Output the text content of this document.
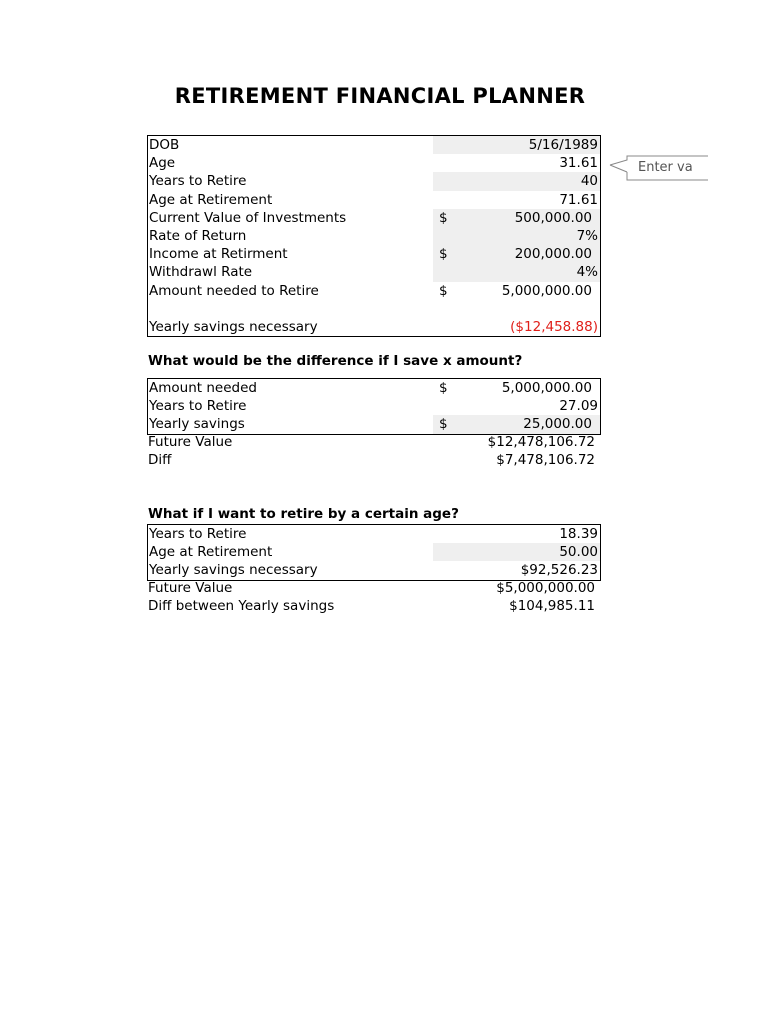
RETIREMENT FINANCIAL PLANNER
DOB	5/16/1989
Age	31.61
Years to Retire	40
Age at Retirement	71.61
Current Value of Investments	$	500,000.00
Rate of Return	7%
Income at Retirment	$	200,000.00
Withdrawl Rate	4%
Amount needed to Retire	$	5,000,000.00
Yearly savings necessary	($12,458.88)
Enter va
What would be the difference if I save x amount?
Amount needed	$	5,000,000.00
Years to Retire	27.09
Yearly savings	$	25,000.00
Future Value	$12,478,106.72
Diff	$7,478,106.72
What if I want to retire by a certain age?
Years to Retire	18.39
Age at Retirement	50.00
Yearly savings necessary	$92,526.23
Future Value	$5,000,000.00
Diff between Yearly savings	$104,985.11
